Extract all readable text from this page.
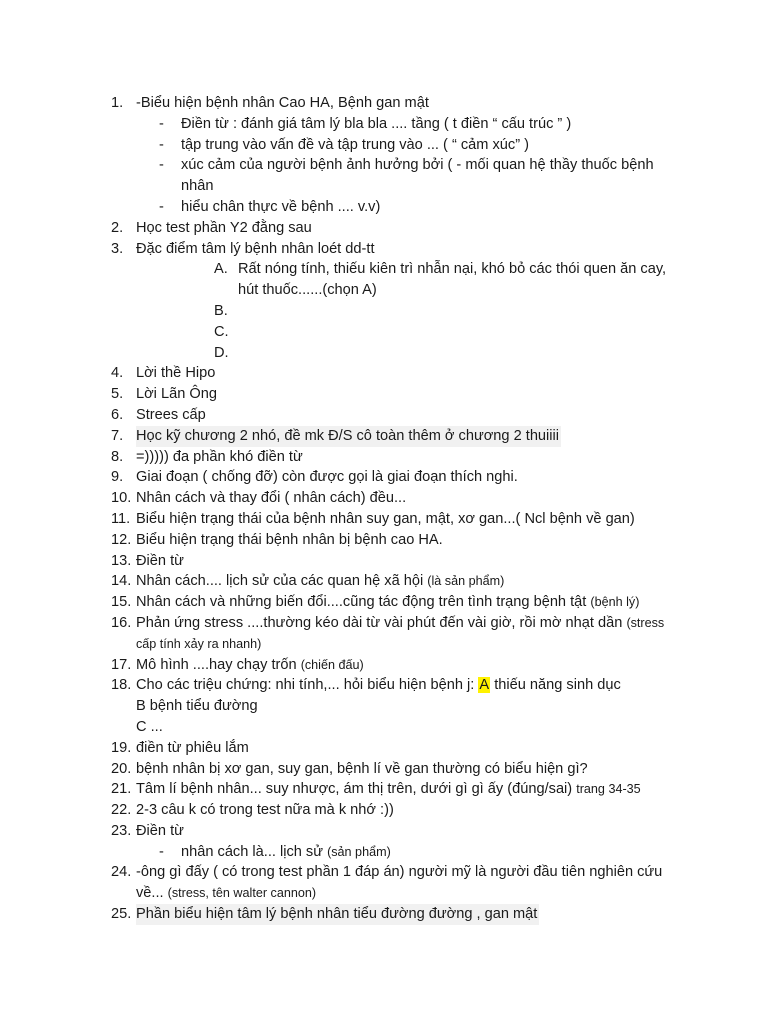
1. -Biểu hiện bệnh nhân Cao HA, Bệnh gan mật
- Điền từ : đánh giá tâm lý bla bla .... tầng ( t điền “ cấu trúc ” )
- tập trung vào vấn đề và tập trung vào ... ( “ cảm xúc” )
- xúc cảm của người bệnh ảnh hưởng bởi ( - mối quan hệ thầy thuốc bệnh
nhân
- hiểu chân thực về bệnh .... v.v)
2. Học test phần Y2 đằng sau
3. Đặc điểm tâm lý bệnh nhân loét dd-tt
A. Rất nóng tính, thiếu kiên trì nhẫn nại, khó bỏ các thói quen ăn cay,
hút thuốc......(chọn A)
B.
C.
D.
4. Lời thề Hipo
5. Lời Lãn Ông
6. Strees cấp
7. Học kỹ chương 2 nhó, đề mk Đ/S cô toàn thêm ở chương 2 thuiiii
8. =))))) đa phần khó điền từ
9. Giai đoạn ( chống đỡ) còn được gọi là giai đoạn thích nghi.
10. Nhân cách và thay đổi ( nhân cách) đều...
11. Biểu hiện trạng thái của bệnh nhân suy gan, mật, xơ gan...( Ncl bệnh về gan)
12. Biểu hiện trạng thái bệnh nhân bị bệnh cao HA.
13. Điền từ
14. Nhân cách.... lịch sử của các quan hệ xã hội (là sản phẩm)
15. Nhân cách và những biến đổi....cũng tác động trên tình trạng bệnh tật (bệnh lý)
16. Phản ứng stress ....thường kéo dài từ vài phút đến vài giờ, rồi mờ nhạt dần (stress
cấp tính xảy ra nhanh)
17. Mô hình ....hay chạy trốn (chiến đấu)
18. Cho các triệu chứng: nhi tính,... hỏi biểu hiện bệnh j: A thiếu năng sinh dục
B bệnh tiểu đường
C ...
19. điền từ phiêu lắm
20. bệnh nhân bị xơ gan, suy gan, bệnh lí về gan thường có biểu hiện gì?
21. Tâm lí bệnh nhân... suy nhược, ám thị trên, dưới gì gì ấy (đúng/sai) trang 34-35
22. 2-3 câu k có trong test nữa mà k nhớ :))
23. Điền từ
- nhân cách là... lịch sử (sản phẩm)
24. -ông gì đấy ( có trong test phần 1 đáp án) người mỹ là người đầu tiên nghiên cứu
về... (stress, tên walter cannon)
25. Phần biểu hiện tâm lý bệnh nhân tiểu đường đường , gan mật
